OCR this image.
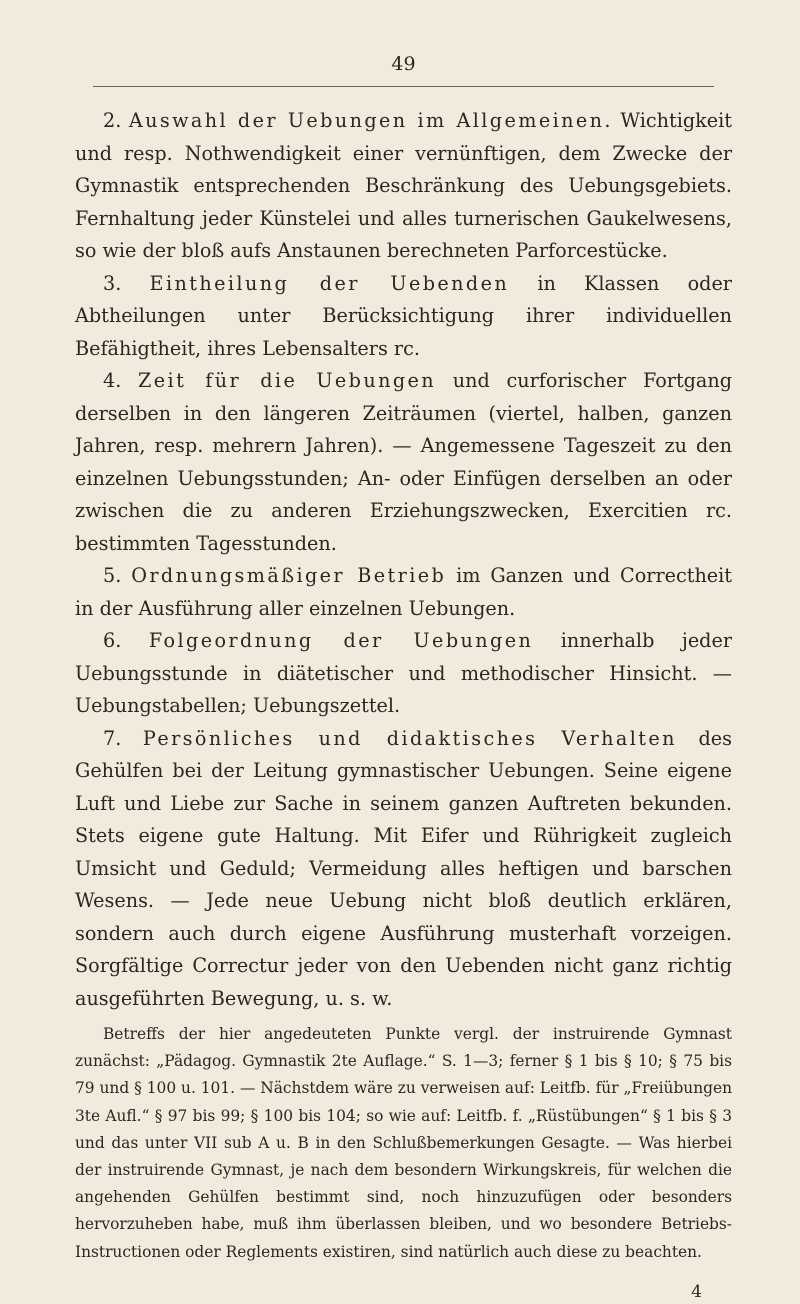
49

2. Auswahl der Uebungen im Allgemeinen. Wichtigkeit und resp. Nothwendigkeit einer vernünftigen, dem Zwecke der Gymnastik entsprechenden Beschränkung des Uebungsgebiets. Fernhaltung jeder Künstelei und alles turnerischen Gaukelwesens, so wie der bloß aufs Anstaunen berechneten Parforcestücke.

3. Eintheilung der Uebenden in Klassen oder Abtheilungen unter Berücksichtigung ihrer individuellen Befähigtheit, ihres Lebensalters rc.

4. Zeit für die Uebungen und curforischer Fortgang derselben in den längeren Zeiträumen (viertel, halben, ganzen Jahren, resp. mehrern Jahren). — Angemessene Tageszeit zu den einzelnen Uebungsstunden; An- oder Einfügen derselben an oder zwischen die zu anderen Erziehungszwecken, Exercitien rc. bestimmten Tagesstunden.

5. Ordnungsmäßiger Betrieb im Ganzen und Correctheit in der Ausführung aller einzelnen Uebungen.

6. Folgeordnung der Uebungen innerhalb jeder Uebungsstunde in diätetischer und methodischer Hinsicht. — Uebungstabellen; Uebungszettel.

7. Persönliches und didaktisches Verhalten des Gehülfen bei der Leitung gymnastischer Uebungen. Seine eigene Luft und Liebe zur Sache in seinem ganzen Auftreten bekunden. Stets eigene gute Haltung. Mit Eifer und Rührigkeit zugleich Umsicht und Geduld; Vermeidung alles heftigen und barschen Wesens. — Jede neue Uebung nicht bloß deutlich erklären, sondern auch durch eigene Ausführung musterhaft vorzeigen. Sorgfältige Correctur jeder von den Uebenden nicht ganz richtig ausgeführten Bewegung, u. s. w.

Betreffs der hier angedeuteten Punkte vergl. der instruirende Gymnast zunächst: „Pädagog. Gymnastik 2te Auflage.“ S. 1—3; ferner § 1 bis § 10; § 75 bis 79 und § 100 u. 101. — Nächstdem wäre zu verweisen auf: Leitfb. für „Freiübungen 3te Aufl.“ § 97 bis 99; § 100 bis 104; so wie auf: Leitfb. f. „Rüstübungen“ § 1 bis § 3 und das unter VII sub A u. B in den Schlußbemerkungen Gesagte. — Was hierbei der instruirende Gymnast, je nach dem besondern Wirkungskreis, für welchen die angehenden Gehülfen bestimmt sind, noch hinzuzufügen oder besonders hervorzuheben habe, muß ihm überlassen bleiben, und wo besondere Betriebs-Instructionen oder Reglements existiren, sind natürlich auch diese zu beachten.

4
